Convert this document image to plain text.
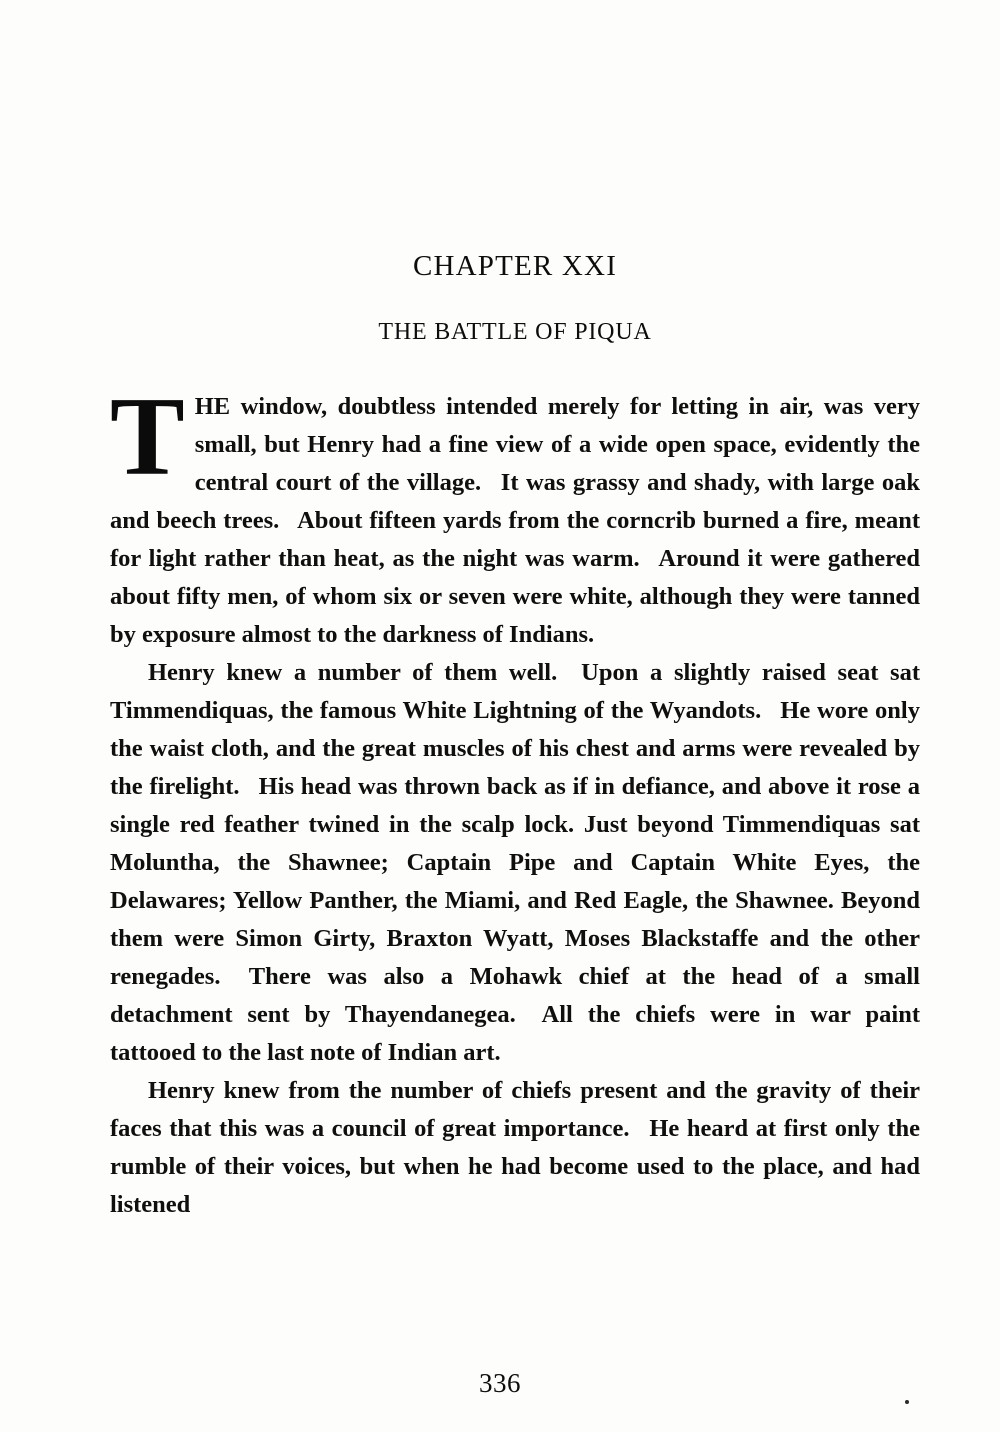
CHAPTER XXI
THE BATTLE OF PIQUA

THE window, doubtless intended merely for letting in air, was very small, but Henry had a fine view of a wide open space, evidently the central court of the village.  It was grassy and shady, with large oak and beech trees.  About fifteen yards from the corncrib burned a fire, meant for light rather than heat, as the night was warm.  Around it were gathered about fifty men, of whom six or seven were white, although they were tanned by exposure almost to the darkness of Indians.

Henry knew a number of them well.  Upon a slightly raised seat sat Timmendiquas, the famous White Lightning of the Wyandots.  He wore only the waist cloth, and the great muscles of his chest and arms were revealed by the firelight.  His head was thrown back as if in defiance, and above it rose a single red feather twined in the scalp lock. Just beyond Timmendiquas sat Moluntha, the Shawnee; Captain Pipe and Captain White Eyes, the Delawares; Yellow Panther, the Miami, and Red Eagle, the Shawnee. Beyond them were Simon Girty, Braxton Wyatt, Moses Blackstaffe and the other renegades.  There was also a Mohawk chief at the head of a small detachment sent by Thayendanegea.  All the chiefs were in war paint tattooed to the last note of Indian art.

Henry knew from the number of chiefs present and the gravity of their faces that this was a council of great importance.  He heard at first only the rumble of their voices, but when he had become used to the place, and had listened

336
